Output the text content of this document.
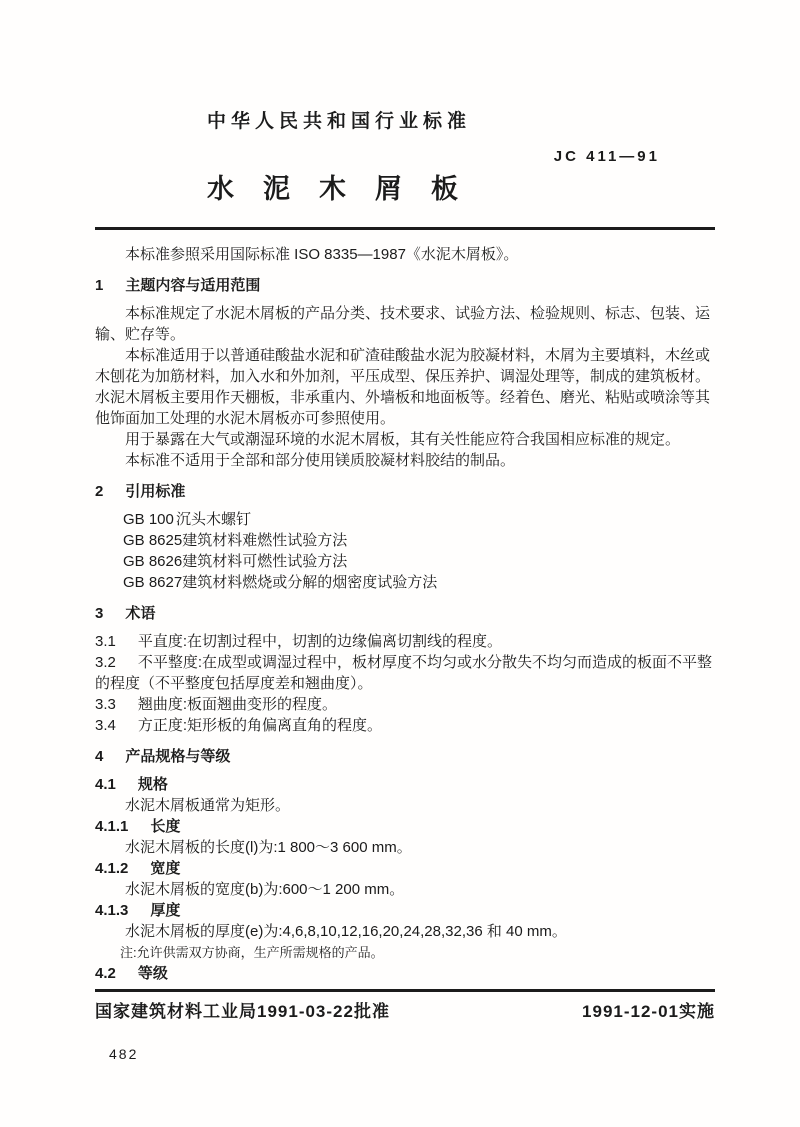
中华人民共和国行业标准
JC 411—91
水泥木屑板

本标准参照采用国际标准 ISO 8335—1987《水泥木屑板》。

1 主题内容与适用范围

本标准规定了水泥木屑板的产品分类、技术要求、试验方法、检验规则、标志、包装、运输、贮存等。

本标准适用于以普通硅酸盐水泥和矿渣硅酸盐水泥为胶凝材料，木屑为主要填料，木丝或木刨花为加筋材料，加入水和外加剂，平压成型、保压养护、调湿处理等，制成的建筑板材。水泥木屑板主要用作天棚板，非承重内、外墙板和地面板等。经着色、磨光、粘贴或喷涂等其他饰面加工处理的水泥木屑板亦可参照使用。

用于暴露在大气或潮湿环境的水泥木屑板，其有关性能应符合我国相应标准的规定。

本标准不适用于全部和部分使用镁质胶凝材料胶结的制品。

2 引用标准

GB 100 沉头木螺钉

GB 8625建筑材料难燃性试验方法

GB 8626建筑材料可燃性试验方法

GB 8627建筑材料燃烧或分解的烟密度试验方法

3 术语

3.1 平直度:在切割过程中，切割的边缘偏离切割线的程度。

3.2 不平整度:在成型或调湿过程中，板材厚度不均匀或水分散失不均匀而造成的板面不平整的程度（不平整度包括厚度差和翘曲度）。

3.3 翘曲度:板面翘曲变形的程度。

3.4 方正度:矩形板的角偏离直角的程度。

4 产品规格与等级

4.1 规格

水泥木屑板通常为矩形。

4.1.1 长度

水泥木屑板的长度(l)为:1 800～3 600 mm。

4.1.2 宽度

水泥木屑板的宽度(b)为:600～1 200 mm。

4.1.3 厚度

水泥木屑板的厚度(e)为:4,6,8,10,12,16,20,24,28,32,36 和 40 mm。

注:允许供需双方协商，生产所需规格的产品。

4.2 等级

国家建筑材料工业局1991-03-22批准	1991-12-01实施
482
